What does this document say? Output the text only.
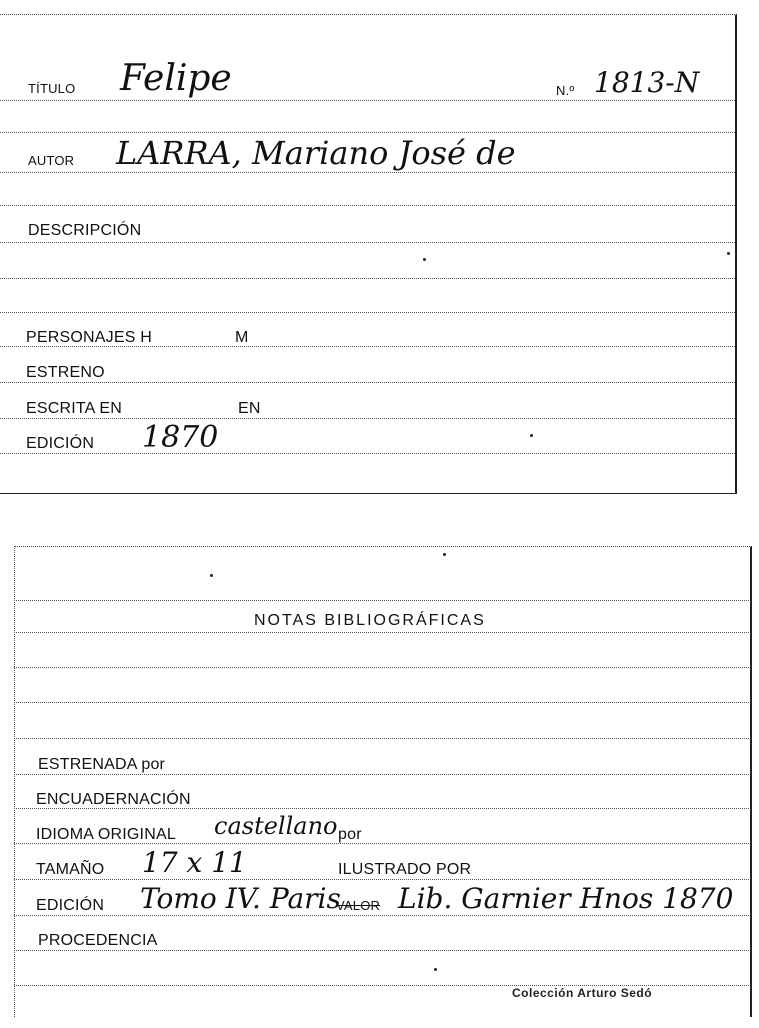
TÍTULO Felipe	N.º 1813-N
AUTOR LARRA, Mariano José de
DESCRIPCIÓN
PERSONAJES H	M
ESTRENO
ESCRITA EN	EN
EDICIÓN 1870
NOTAS BIBLIOGRÁFICAS
ESTRENADA por
ENCUADERNACIÓN
IDIOMA ORIGINAL castellano por
TAMAÑO 17 x 11	ILUSTRADO POR
EDICIÓN Tomo IV. Paris
VALOR Lib. Garnier Hnos 1870
PROCEDENCIA
Colección Arturo Sedó
